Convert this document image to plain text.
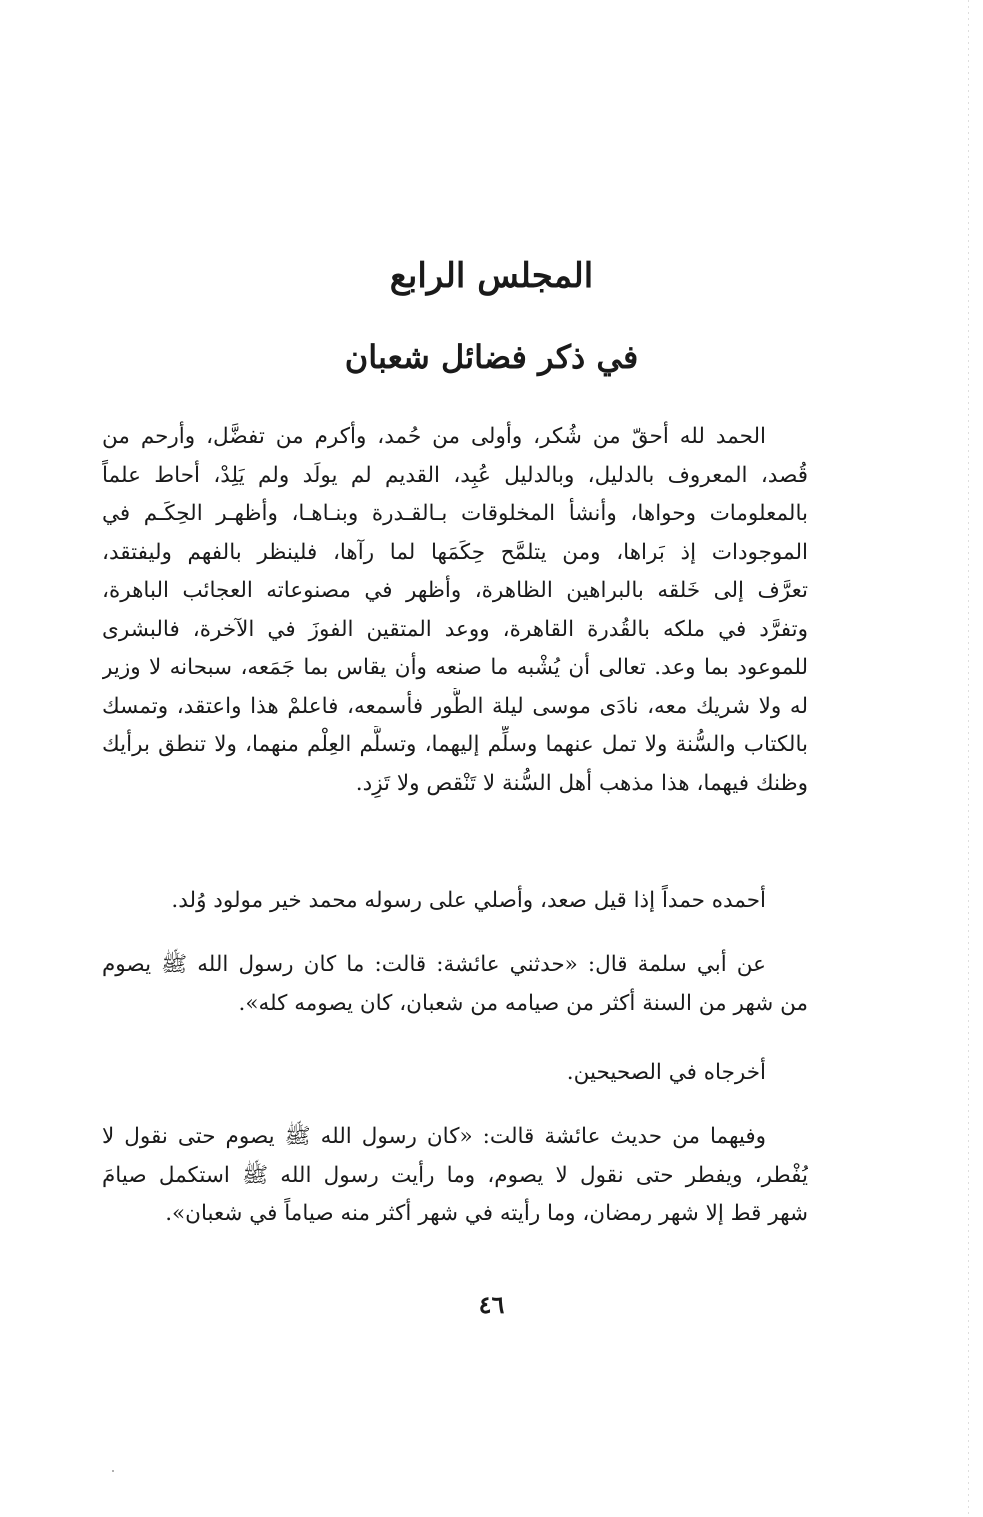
المجلس الرابع
في ذكر فضائل شعبان

الحمد لله أحقّ من شُكر، وأولى من حُمد، وأكرم من تفضَّل، وأرحم من
قُصد، المعروف بالدليل، وبالدليل عُبِد، القديم لم يولَد ولم يَلِدْ، أحاط علماً
بالمعلومات وحواها، وأنشأ المخلوقات بـالقـدرة وبنـاهـا، وأظهـر الحِكَـم في
الموجودات إذ بَراها، ومن يتلمَّح حِكَمَها لما رآها، فلينظر بالفهم وليفتقد،
تعرَّف إلى خَلقه بالبراهين الظاهرة، وأظهر في مصنوعاته العجائب الباهرة،
وتفرَّد في ملكه بالقُدرة القاهرة، ووعد المتقين الفوزَ في الآخرة، فالبشرى
للموعود بما وعد. تعالى أن يُشْبه ما صنعه وأن يقاس بما جَمَعه، سبحانه لا وزير
له ولا شريك معه، نادَى موسى ليلة الطُّور فأسمعه، فاعلمْ هذا واعتقد، وتمسك
بالكتاب والسُّنة ولا تمل عنهما وسلِّم إليهما، وتسلَّم العِلْم منهما، ولا تنطق برأيك
وظنك فيهما، هذا مذهب أهل السُّنة لا تَنْقص ولا تَزِد.

أحمده حمداً إذا قيل صعد، وأصلي على رسوله محمد خير مولود وُلد.

عن أبي سلمة قال: «حدثني عائشة: قالت: ما كان رسول الله ﷺ يصوم
من شهر من السنة أكثر من صيامه من شعبان، كان يصومه كله».

أخرجاه في الصحيحين.

وفيهما من حديث عائشة قالت: «كان رسول الله ﷺ يصوم حتى نقول لا
يُفْطر، ويفطر حتى نقول لا يصوم، وما رأيت رسول الله ﷺ استكمل صيامَ
شهر قط إلا شهر رمضان، وما رأيته في شهر أكثر منه صياماً في شعبان».

٤٦
